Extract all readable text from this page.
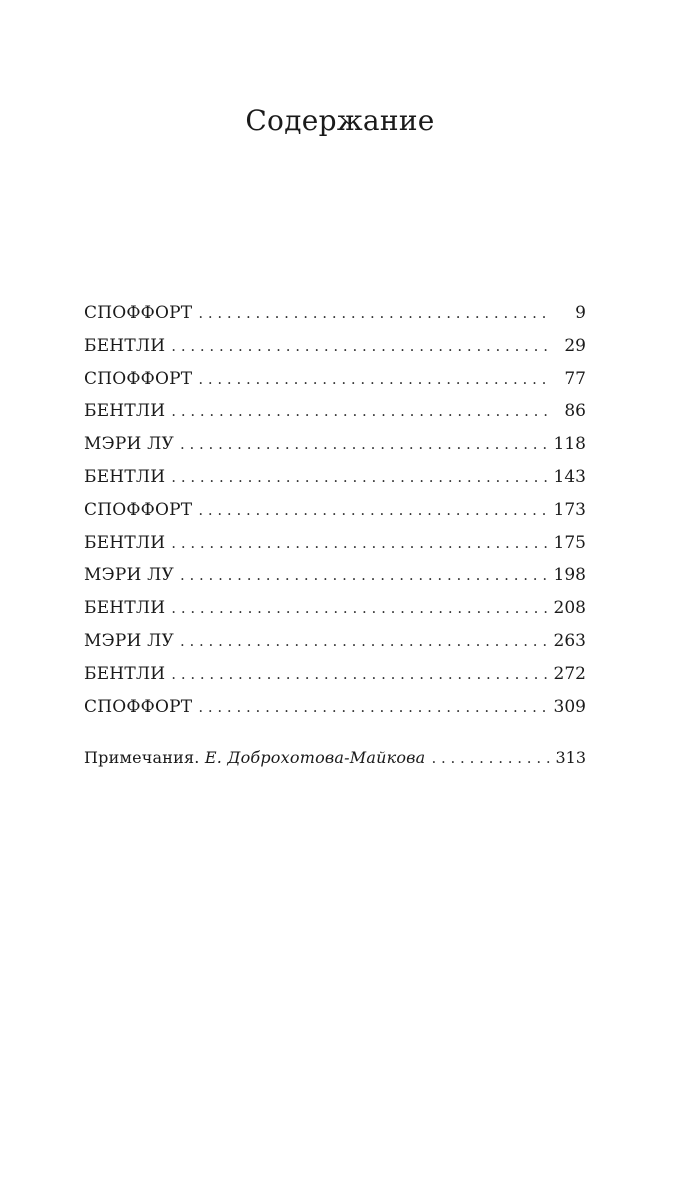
Содержание
СПОФФОРТ . . .	9
БЕНТЛИ . . .	29
СПОФФОРТ . . .	77
БЕНТЛИ . . .	86
МЭРИ ЛУ . . .	118
БЕНТЛИ . . .	143
СПОФФОРТ . . .	173
БЕНТЛИ . . .	175
МЭРИ ЛУ . . .	198
БЕНТЛИ . . .	208
МЭРИ ЛУ . . .	263
БЕНТЛИ . . .	272
СПОФФОРТ . . .	309
Примечания. Е. Доброхотова-Майкова . . .	313
